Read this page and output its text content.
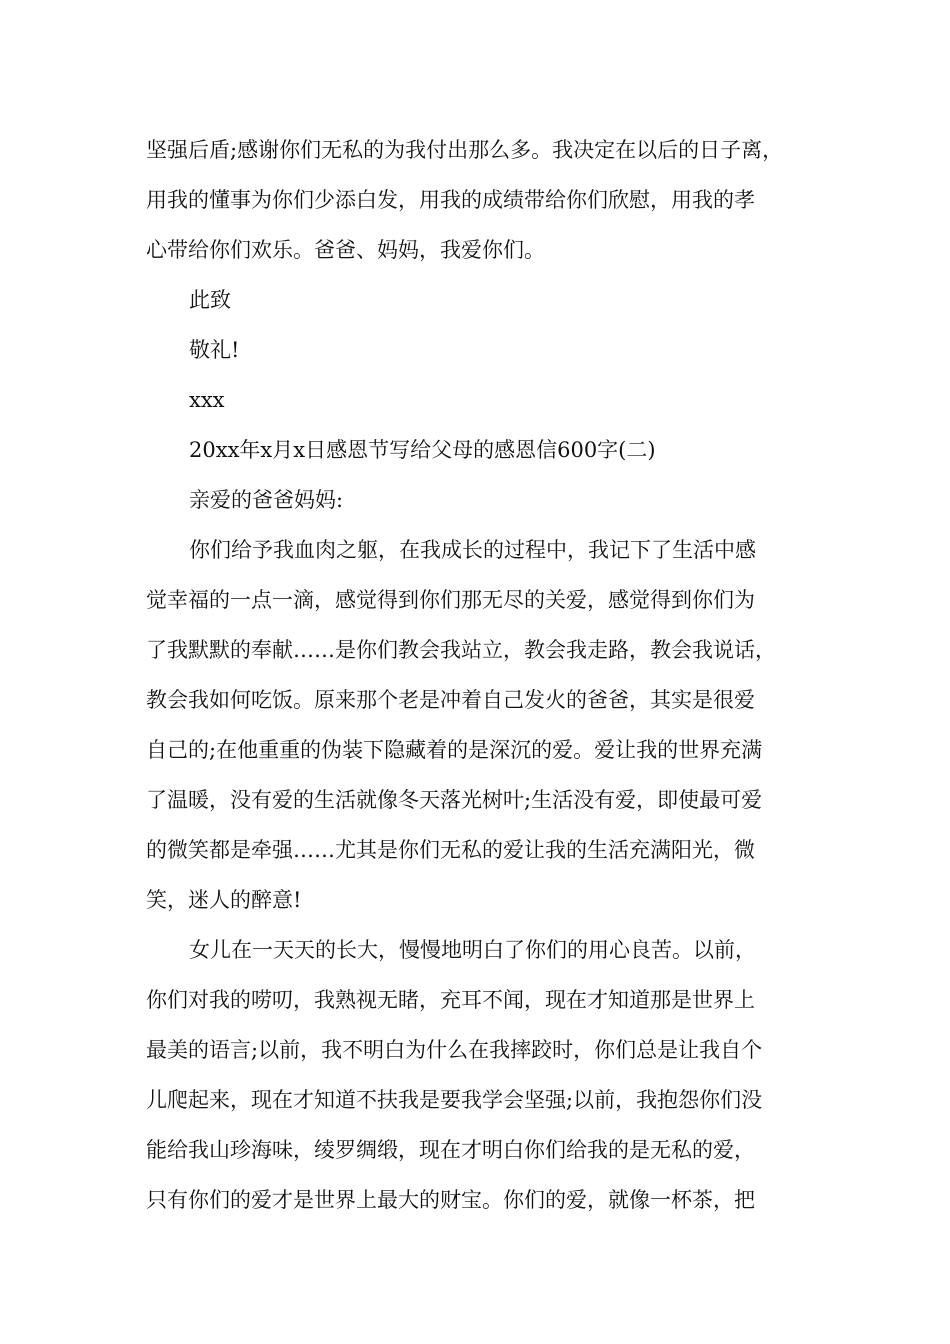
坚强后盾;感谢你们无私的为我付出那么多。我决定在以后的日子离，
用我的懂事为你们少添白发，用我的成绩带给你们欣慰，用我的孝
心带给你们欢乐。爸爸、妈妈，我爱你们。
此致
敬礼!
xxx
20xx年x月x日感恩节写给父母的感恩信600字(二)
亲爱的爸爸妈妈:
你们给予我血肉之躯，在我成长的过程中，我记下了生活中感
觉幸福的一点一滴，感觉得到你们那无尽的关爱，感觉得到你们为
了我默默的奉献……是你们教会我站立，教会我走路，教会我说话，
教会我如何吃饭。原来那个老是冲着自己发火的爸爸，其实是很爱
自己的;在他重重的伪装下隐藏着的是深沉的爱。爱让我的世界充满
了温暖，没有爱的生活就像冬天落光树叶;生活没有爱，即使最可爱
的微笑都是牵强……尤其是你们无私的爱让我的生活充满阳光，微
笑，迷人的醉意!
女儿在一天天的长大，慢慢地明白了你们的用心良苦。以前，
你们对我的唠叨，我熟视无睹，充耳不闻，现在才知道那是世界上
最美的语言;以前，我不明白为什么在我摔跤时，你们总是让我自个
儿爬起来，现在才知道不扶我是要我学会坚强;以前，我抱怨你们没
能给我山珍海味，绫罗绸缎，现在才明白你们给我的是无私的爱，
只有你们的爱才是世界上最大的财宝。你们的爱，就像一杯茶，把
